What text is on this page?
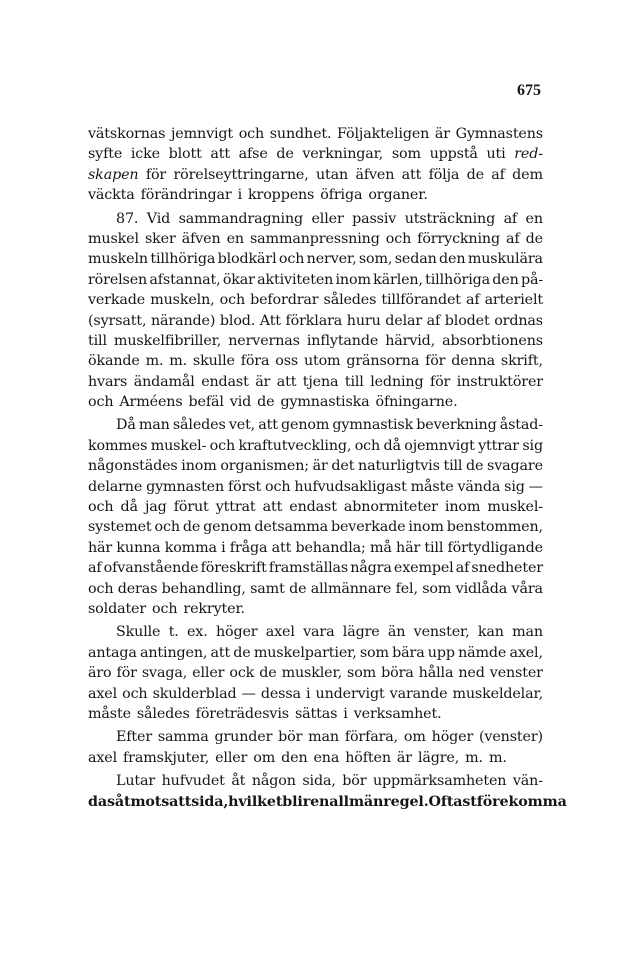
675
vätskornas jemnvigt och sundhet. Följakteligen är Gymnastens
syfte icke blott att afse de verkningar, som uppstå uti red-
skapen för rörelseyttringarne, utan äfven att följa de af dem
väckta förändringar i kroppens öfriga organer.
87. Vid sammandragning eller passiv utsträckning af en
muskel sker äfven en sammanpressning och förryckning af de
muskeln tillhöriga blodkärl och nerver, som, sedan den muskulära
rörelsen afstannat, ökar aktiviteten inom kärlen, tillhöriga den på-
verkade muskeln, och befordrar således tillförandet af arterielt
(syrsatt, närande) blod. Att förklara huru delar af blodet ordnas
till muskelfibriller, nervernas inflytande härvid, absorbtionens
ökande m. m. skulle föra oss utom gränsorna för denna skrift,
hvars ändamål endast är att tjena till ledning för instruktörer
och Arméens befäl vid de gymnastiska öfningarne.
Då man således vet, att genom gymnastisk beverkning åstad-
kommes muskel- och kraftutveckling, och då ojemnvigt yttrar sig
någonstädes inom organismen; är det naturligtvis till de svagare
delarne gymnasten först och hufvudsakligast måste vända sig —
och då jag förut yttrat att endast abnormiteter inom muskel-
systemet och de genom detsamma beverkade inom benstommen,
här kunna komma i fråga att behandla; må här till förtydligande
af ofvanstående föreskrift framställas några exempel af snedheter
och deras behandling, samt de allmännare fel, som vidlåda våra
soldater och rekryter.
Skulle t. ex. höger axel vara lägre än venster, kan man
antaga antingen, att de muskelpartier, som bära upp nämde axel,
äro för svaga, eller ock de muskler, som böra hålla ned venster
axel och skulderblad — dessa i undervigt varande muskeldelar,
måste således företrädesvis sättas i verksamhet.
Efter samma grunder bör man förfara, om höger (venster)
axel framskjuter, eller om den ena höften är lägre, m. m.
Lutar hufvudet åt någon sida, bör uppmärksamheten vän-
das åt motsatt sida, hvilket blir en allmän regel. Oftast förekomma
